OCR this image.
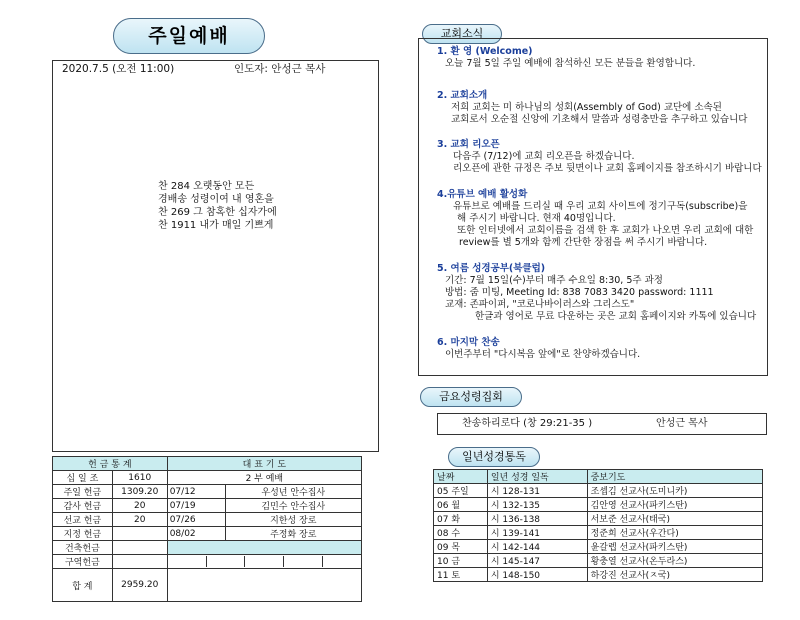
주일예배
2020.7.5 (오전 11:00)	인도자: 안성근 목사
찬 284 오랫동안 모든
경배송 성령이여 내 영혼을
찬 269 그 참혹한 십자가에
찬 1911 내가 매일 기쁘게
헌 금 통 계		대 표 기 도	
십 일 조	1610	2 부 예배	
주일 헌금	1309.20	07/12	우성넌 안수집사
감사 헌금	20	07/19	김민수 안수집사
선교 헌금	20	07/26	지한성 장로
지정 헌금		08/02	주정화 장로
건축헌금			
구역헌금			

합 계	2959.20		
교회소식
1. 환 영 (Welcome)
오늘 7월 5일 주일 예배에 참석하신 모든 분들을 환영합니다.
2. 교회소개
저희 교회는 미 하나님의 성회(Assembly of God) 교단에 소속된
교회로서 오순절 신앙에 기초해서 말씀과 성령충만을 추구하고 있습니다
3. 교회 리오픈
다음주 (7/12)에 교회 리오픈을 하겠습니다.
리오픈에 관한 규정은 주보 뒷면이나 교회 홈페이지를 참조하시기 바랍니다
4.유튜브 예배 활성화
유튜브로 예배를 드리실 때 우리 교회 사이트에 정기구독(subscribe)을
해 주시기 바랍니다. 현재 40명입니다.
또한 인터넷에서 교회이름을 검색 한 후 교회가 나오면 우리 교회에 대한
review를 별 5개와 함께 간단한 장점을 써 주시기 바랍니다.
5. 여름 성경공부(북클럽)
기간: 7월 15일(수)부터 매주 수요일 8:30, 5주 과정
방법: 줌 미팅, Meeting Id: 838 7083 3420 password: 1111
교재: 존파이퍼, "코로나바이러스와 그리스도"
한글과 영어로 무료 다운하는 곳은 교회 홈페이지와 카톡에 있습니다
6. 마지막 찬송
이번주부터 "다시복음 앞에"로 찬양하겠습니다.
금요성령집회
찬송하리로다 (창 29:21-35 )	안성근 목사
일년성경통독
날짜	일년 성경 일독	중보기도
05 주일	시 128-131	조셉김 선교사(도미니카)
06 월	시 132-135	김안영 선교사(파키스탄)
07 화	시 136-138	서보준 선교사(태국)
08 수	시 139-141	정준희 선교사(우간다)
09 목	시 142-144	윤갈렙 선교사(파키스탄)
10 금	시 145-147	황충열 선교사(온두라스)
11 토	시 148-150	하강진 선교사(ㅈ국)
